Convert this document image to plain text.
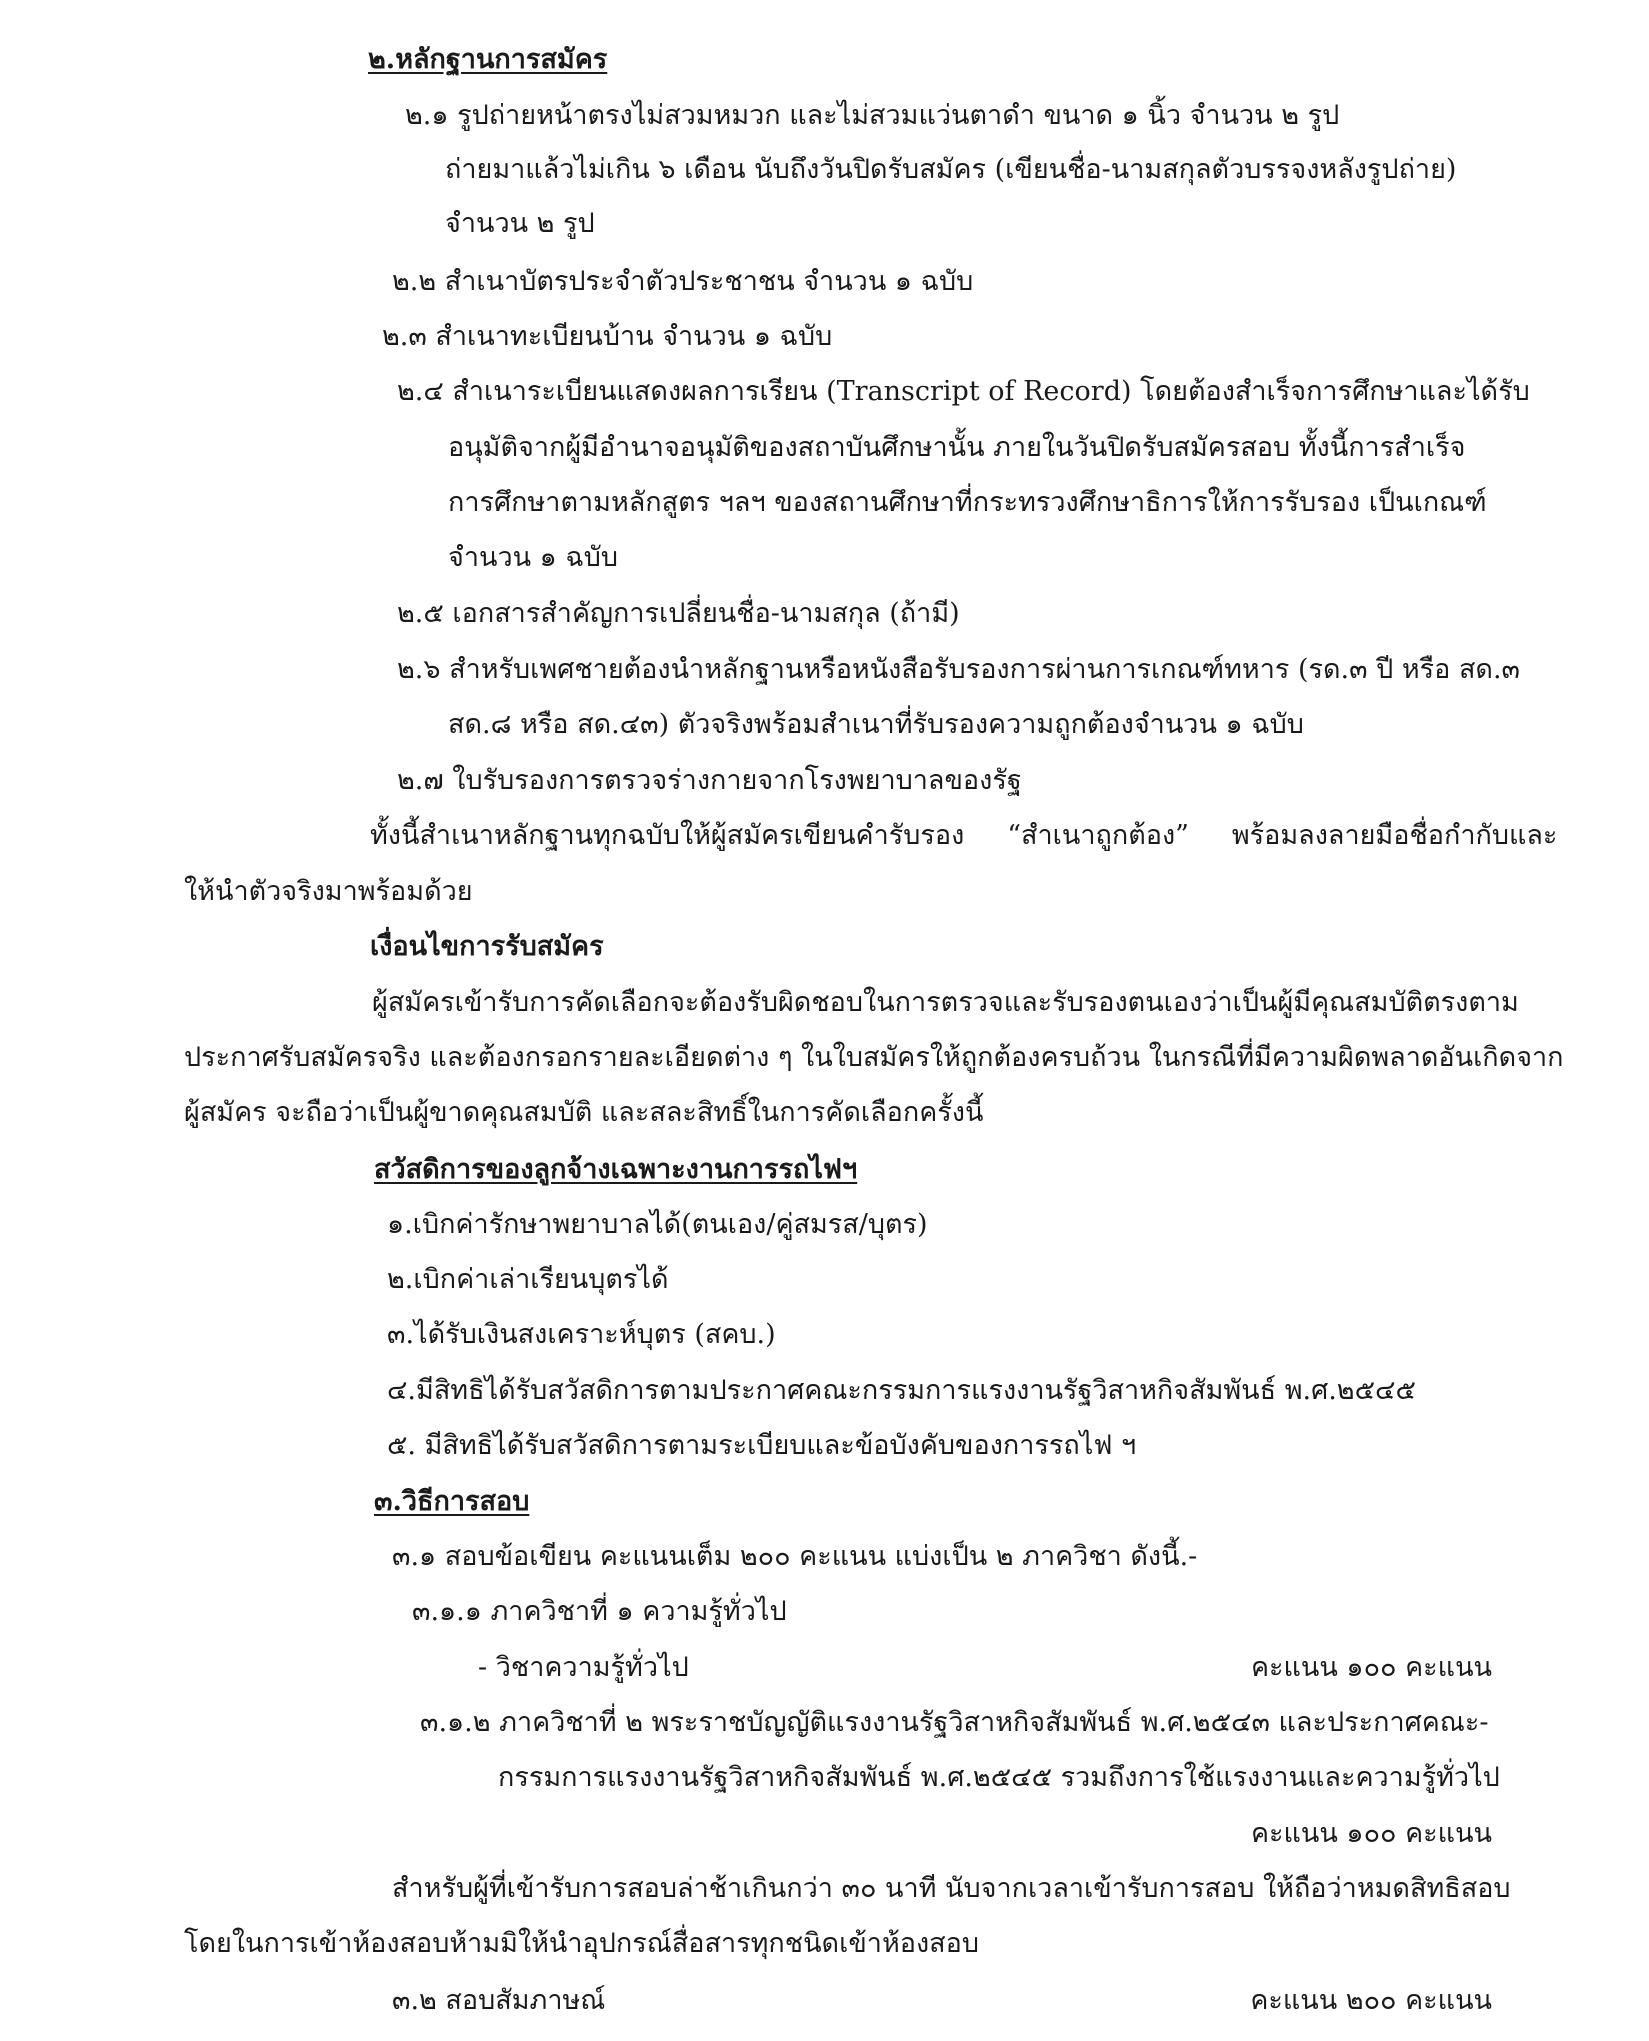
๒.หลักฐานการสมัคร
๒.๑ รูปถ่ายหน้าตรงไม่สวมหมวก และไม่สวมแว่นตาดำ ขนาด ๑ นิ้ว จำนวน ๒ รูป
ถ่ายมาแล้วไม่เกิน ๖ เดือน นับถึงวันปิดรับสมัคร (เขียนชื่อ-นามสกุลตัวบรรจงหลังรูปถ่าย)
จำนวน ๒ รูป
๒.๒ สำเนาบัตรประจำตัวประชาชน จำนวน ๑ ฉบับ
๒.๓ สำเนาทะเบียนบ้าน จำนวน ๑ ฉบับ
๒.๔ สำเนาระเบียนแสดงผลการเรียน (Transcript of Record) โดยต้องสำเร็จการศึกษาและได้รับ
อนุมัติจากผู้มีอำนาจอนุมัติของสถาบันศึกษานั้น ภายในวันปิดรับสมัครสอบ ทั้งนี้การสำเร็จ
การศึกษาตามหลักสูตร ฯลฯ ของสถานศึกษาที่กระทรวงศึกษาธิการให้การรับรอง เป็นเกณฑ์
จำนวน ๑ ฉบับ
๒.๕ เอกสารสำคัญการเปลี่ยนชื่อ-นามสกุล (ถ้ามี)
๒.๖ สำหรับเพศชายต้องนำหลักฐานหรือหนังสือรับรองการผ่านการเกณฑ์ทหาร (รด.๓ ปี หรือ สด.๓
สด.๘ หรือ สด.๔๓) ตัวจริงพร้อมสำเนาที่รับรองความถูกต้องจำนวน ๑ ฉบับ
๒.๗ ใบรับรองการตรวจร่างกายจากโรงพยาบาลของรัฐ
ทั้งนี้สำเนาหลักฐานทุกฉบับให้ผู้สมัครเขียนคำรับรอง     “สำเนาถูกต้อง”     พร้อมลงลายมือชื่อกำกับและ
ให้นำตัวจริงมาพร้อมด้วย
เงื่อนไขการรับสมัคร
ผู้สมัครเข้ารับการคัดเลือกจะต้องรับผิดชอบในการตรวจและรับรองตนเองว่าเป็นผู้มีคุณสมบัติตรงตาม
ประกาศรับสมัครจริง และต้องกรอกรายละเอียดต่าง ๆ ในใบสมัครให้ถูกต้องครบถ้วน ในกรณีที่มีความผิดพลาดอันเกิดจาก
ผู้สมัคร จะถือว่าเป็นผู้ขาดคุณสมบัติ และสละสิทธิ์ในการคัดเลือกครั้งนี้
สวัสดิการของลูกจ้างเฉพาะงานการรถไฟฯ
๑.เบิกค่ารักษาพยาบาลได้(ตนเอง/คู่สมรส/บุตร)
๒.เบิกค่าเล่าเรียนบุตรได้
๓.ได้รับเงินสงเคราะห์บุตร (สคบ.)
๔.มีสิทธิได้รับสวัสดิการตามประกาศคณะกรรมการแรงงานรัฐวิสาหกิจสัมพันธ์ พ.ศ.๒๕๔๕
๕. มีสิทธิได้รับสวัสดิการตามระเบียบและข้อบังคับของการรถไฟ ฯ
๓.วิธีการสอบ
๓.๑ สอบข้อเขียน คะแนนเต็ม ๒๐๐ คะแนน แบ่งเป็น ๒ ภาควิชา ดังนี้.-
๓.๑.๑ ภาควิชาที่ ๑ ความรู้ทั่วไป
- วิชาความรู้ทั่วไป	คะแนน ๑๐๐ คะแนน
๓.๑.๒ ภาควิชาที่ ๒ พระราชบัญญัติแรงงานรัฐวิสาหกิจสัมพันธ์ พ.ศ.๒๕๔๓ และประกาศคณะ-
กรรมการแรงงานรัฐวิสาหกิจสัมพันธ์ พ.ศ.๒๕๔๕ รวมถึงการใช้แรงงานและความรู้ทั่วไป
คะแนน ๑๐๐ คะแนน
สำหรับผู้ที่เข้ารับการสอบล่าช้าเกินกว่า ๓๐ นาที นับจากเวลาเข้ารับการสอบ ให้ถือว่าหมดสิทธิสอบ
โดยในการเข้าห้องสอบห้ามมิให้นำอุปกรณ์สื่อสารทุกชนิดเข้าห้องสอบ
๓.๒ สอบสัมภาษณ์	คะแนน ๒๐๐ คะแนน
